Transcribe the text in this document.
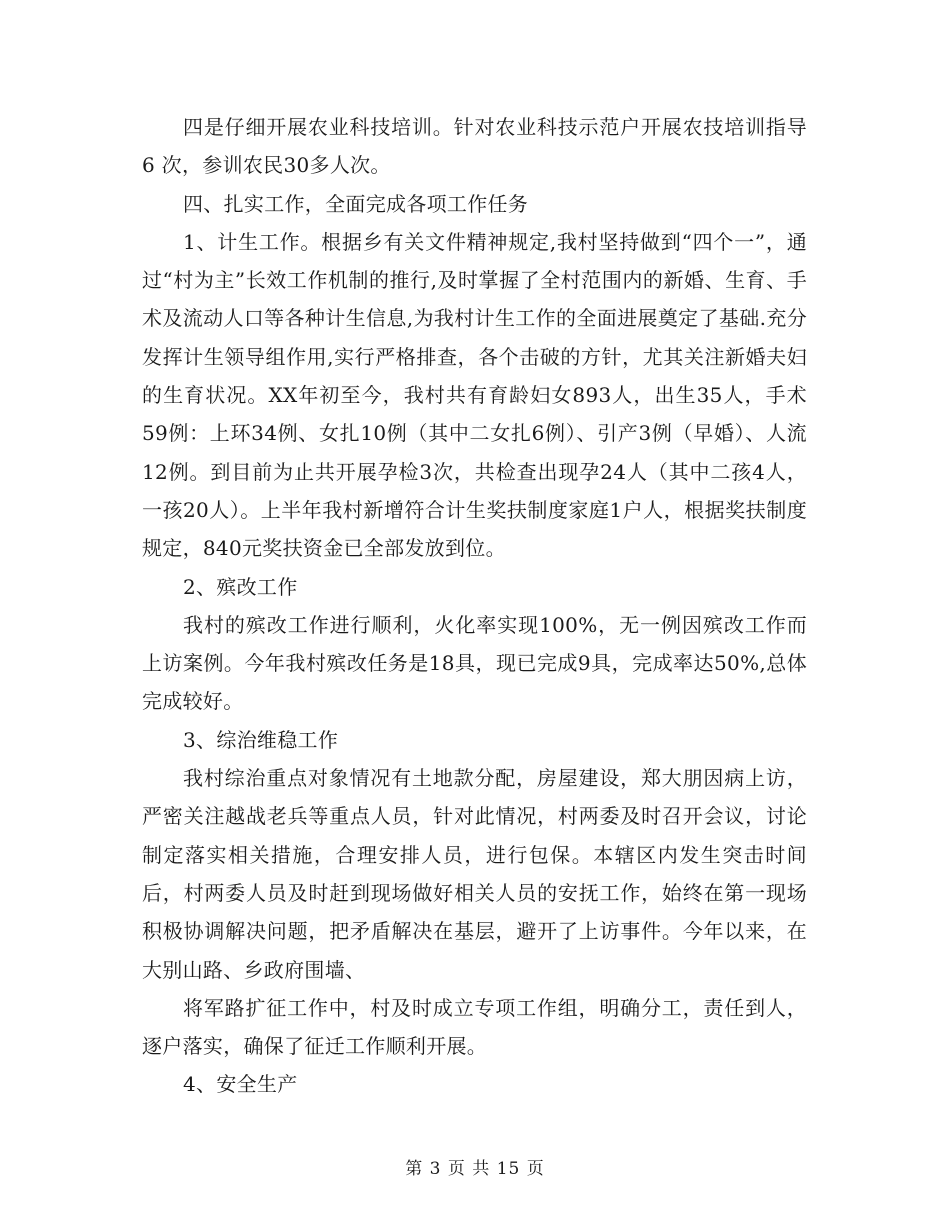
四是仔细开展农业科技培训。针对农业科技示范户开展农技培训指导 6 次，参训农民30多人次。

四、扎实工作，全面完成各项工作任务

1、计生工作。根据乡有关文件精神规定,我村坚持做到“四个一”，通过“村为主”长效工作机制的推行,及时掌握了全村范围内的新婚、生育、手术及流动人口等各种计生信息,为我村计生工作的全面进展奠定了基础.充分发挥计生领导组作用,实行严格排查，各个击破的方针，尤其关注新婚夫妇的生育状况。XX年初至今，我村共有育龄妇女893人，出生35人，手术59例：上环34例、女扎10例（其中二女扎6例）、引产3例（早婚）、人流12例。到目前为止共开展孕检3次，共检查出现孕24人（其中二孩4人，一孩20人）。上半年我村新增符合计生奖扶制度家庭1户人，根据奖扶制度规定，840元奖扶资金已全部发放到位。

2、殡改工作

我村的殡改工作进行顺利，火化率实现100%，无一例因殡改工作而上访案例。今年我村殡改任务是18具，现已完成9具，完成率达50%,总体完成较好。

3、综治维稳工作

我村综治重点对象情况有土地款分配，房屋建设，郑大朋因病上访，严密关注越战老兵等重点人员，针对此情况，村两委及时召开会议，讨论制定落实相关措施，合理安排人员，进行包保。本辖区内发生突击时间后，村两委人员及时赶到现场做好相关人员的安抚工作，始终在第一现场积极协调解决问题，把矛盾解决在基层，避开了上访事件。今年以来，在大别山路、乡政府围墙、

将军路扩征工作中，村及时成立专项工作组，明确分工，责任到人，逐户落实，确保了征迁工作顺利开展。

4、安全生产

第 3 页 共 15 页
